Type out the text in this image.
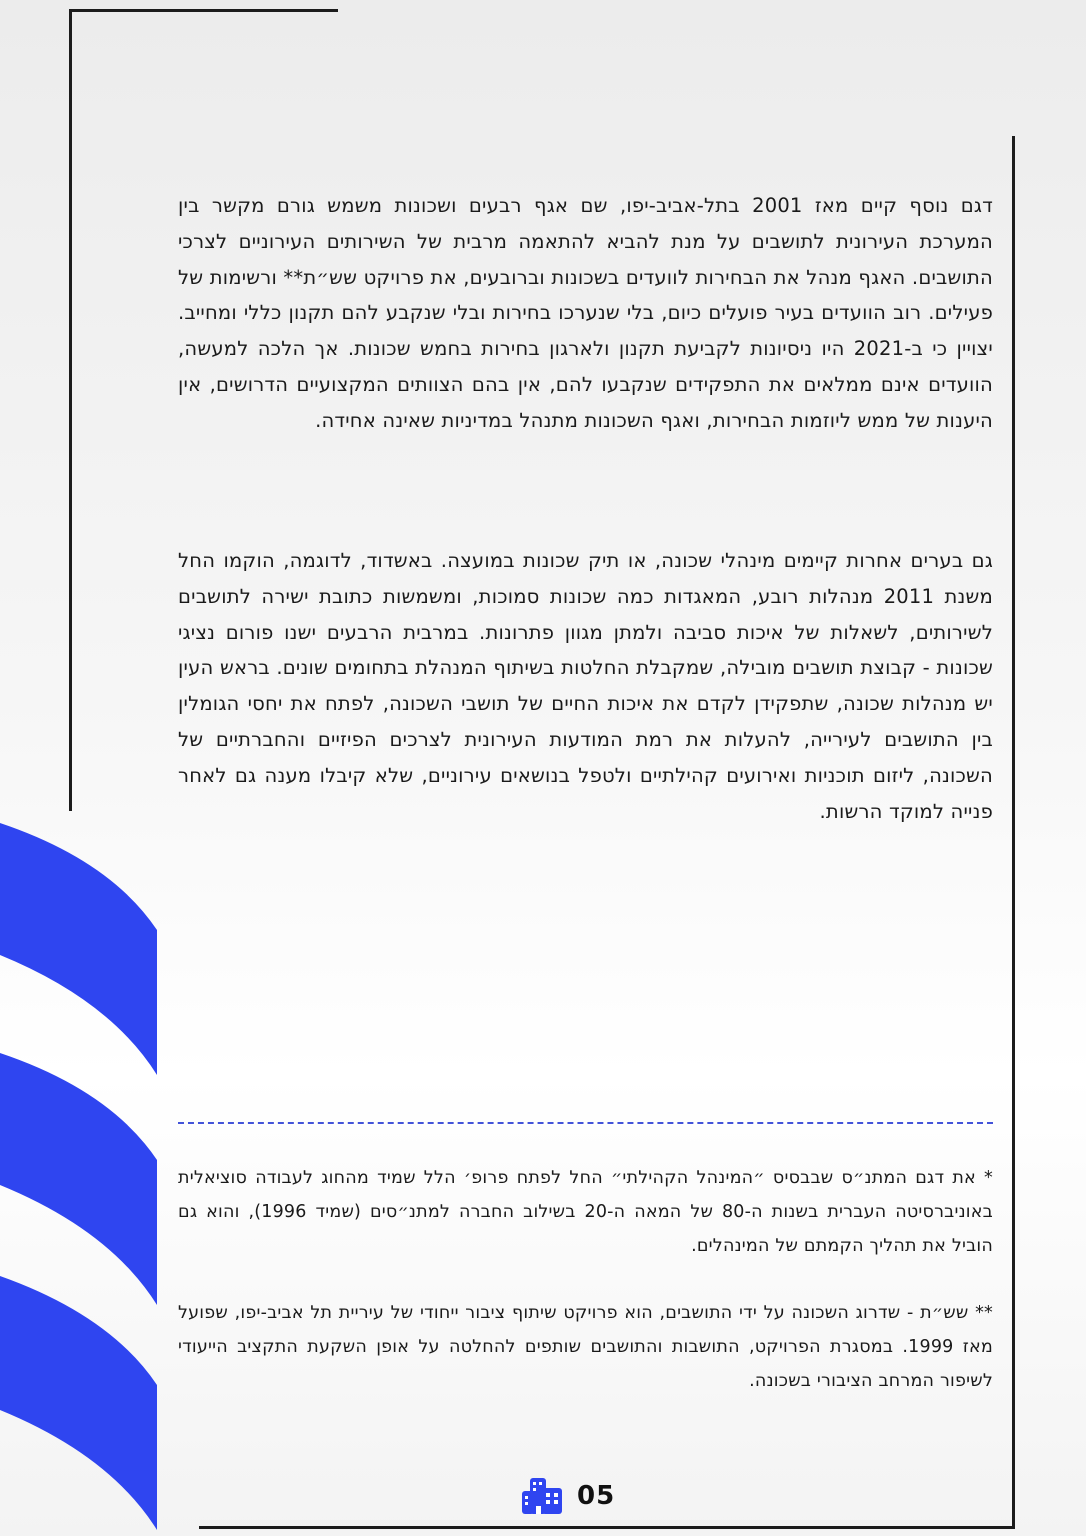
דגם נוסף קיים מאז 2001 בתל-אביב-יפו, שם אגף רבעים ושכונות משמש גורם מקשר בין המערכת העירונית לתושבים על מנת להביא להתאמה מרבית של השירותים העירוניים לצרכי התושבים. האגף מנהל את הבחירות לוועדים בשכונות וברובעים, את פרויקט שש״ת** ורשימות של פעילים. רוב הוועדים בעיר פועלים כיום, בלי שנערכו בחירות ובלי שנקבע להם תקנון כללי ומחייב. יצויין כי ב-2021 היו ניסיונות לקביעת תקנון ולארגון בחירות בחמש שכונות. אך הלכה למעשה, הוועדים אינם ממלאים את התפקידים שנקבעו להם, אין בהם הצוותים המקצועיים הדרושים, אין היענות של ממש ליוזמות הבחירות, ואגף השכונות מתנהל במדיניות שאינה אחידה.

גם בערים אחרות קיימים מינהלי שכונה, או תיק שכונות במועצה. באשדוד, לדוגמה, הוקמו החל משנת 2011 מנהלות רובע, המאגדות כמה שכונות סמוכות, ומשמשות כתובת ישירה לתושבים לשירותים, לשאלות של איכות סביבה ולמתן מגוון פתרונות. במרבית הרבעים ישנו פורום נציגי שכונות - קבוצת תושבים מובילה, שמקבלת החלטות בשיתוף המנהלת בתחומים שונים. בראש העין יש מנהלות שכונה, שתפקידן לקדם את איכות החיים של תושבי השכונה, לפתח את יחסי הגומלין בין התושבים לעירייה, להעלות את רמת המודעות העירונית לצרכים הפיזיים והחברתיים של השכונה, ליזום תוכניות ואירועים קהילתיים ולטפל בנושאים עירוניים, שלא קיבלו מענה גם לאחר פנייה למוקד הרשות.

* את דגם המתנ״ס שבבסיס ״המינהל הקהילתי״ החל לפתח פרופ׳ הלל שמיד מהחוג לעבודה סוציאלית באוניברסיטה העברית בשנות ה-80 של המאה ה-20 בשילוב החברה למתנ״סים (שמיד 1996), והוא גם הוביל את תהליך הקמתם של המינהלים.

** שש״ת - שדרוג השכונה על ידי התושבים, הוא פרויקט שיתוף ציבור ייחודי של עיריית תל אביב-יפו, שפועל מאז 1999. במסגרת הפרויקט, התושבות והתושבים שותפים להחלטה על אופן השקעת התקציב הייעודי לשיפור המרחב הציבורי בשכונה.

05
